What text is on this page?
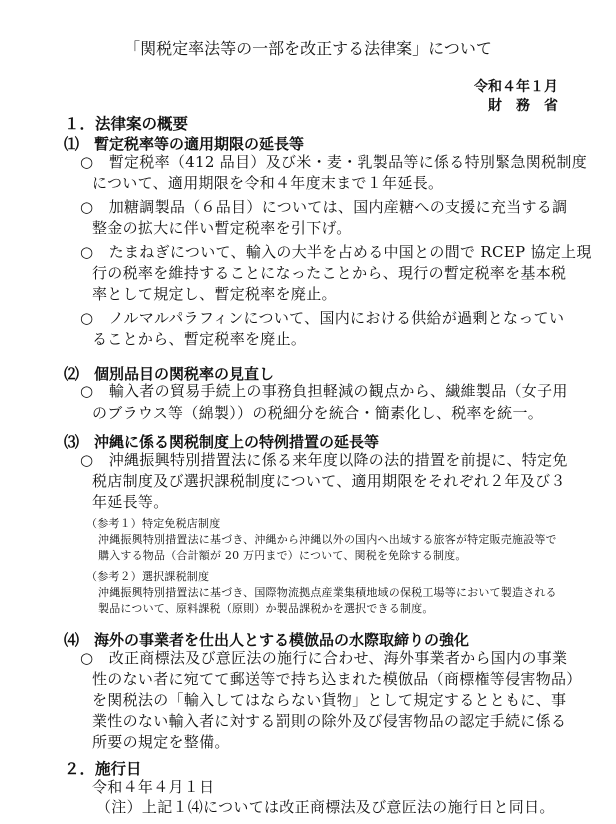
「関税定率法等の一部を改正する法律案」について

令和４年１月

財　務　省

１．法律案の概要

⑴　暫定税率等の適用期限の延長等

○　暫定税率（412 品目）及び米・麦・乳製品等に係る特別緊急関税制度

について、適用期限を令和４年度末まで１年延長。

○　加糖調製品（６品目）については、国内産糖への支援に充当する調

整金の拡大に伴い暫定税率を引下げ。

○　たまねぎについて、輸入の大半を占める中国との間で RCEP 協定上現

行の税率を維持することになったことから、現行の暫定税率を基本税

率として規定し、暫定税率を廃止。

○　ノルマルパラフィンについて、国内における供給が過剰となってい

ることから、暫定税率を廃止。

⑵　個別品目の関税率の見直し

○　輸入者の貿易手続上の事務負担軽減の観点から、繊維製品（女子用

のブラウス等（綿製））の税細分を統合・簡素化し、税率を統一。

⑶　沖縄に係る関税制度上の特例措置の延長等

○　沖縄振興特別措置法に係る来年度以降の法的措置を前提に、特定免

税店制度及び選択課税制度について、適用期限をそれぞれ２年及び３

年延長等。

（参考１）特定免税店制度

沖縄振興特別措置法に基づき、沖縄から沖縄以外の国内へ出域する旅客が特定販売施設等で

購入する物品（合計額が 20 万円まで）について、関税を免除する制度。

（参考２）選択課税制度

沖縄振興特別措置法に基づき、国際物流拠点産業集積地域の保税工場等において製造される

製品について、原料課税（原則）か製品課税かを選択できる制度。

⑷　海外の事業者を仕出人とする模倣品の水際取締りの強化

○　改正商標法及び意匠法の施行に合わせ、海外事業者から国内の事業

性のない者に宛てて郵送等で持ち込まれた模倣品（商標権等侵害物品）

を関税法の「輸入してはならない貨物」として規定するとともに、事

業性のない輸入者に対する罰則の除外及び侵害物品の認定手続に係る

所要の規定を整備。

２．施行日

令和４年４月１日

（注）上記１⑷については改正商標法及び意匠法の施行日と同日。
